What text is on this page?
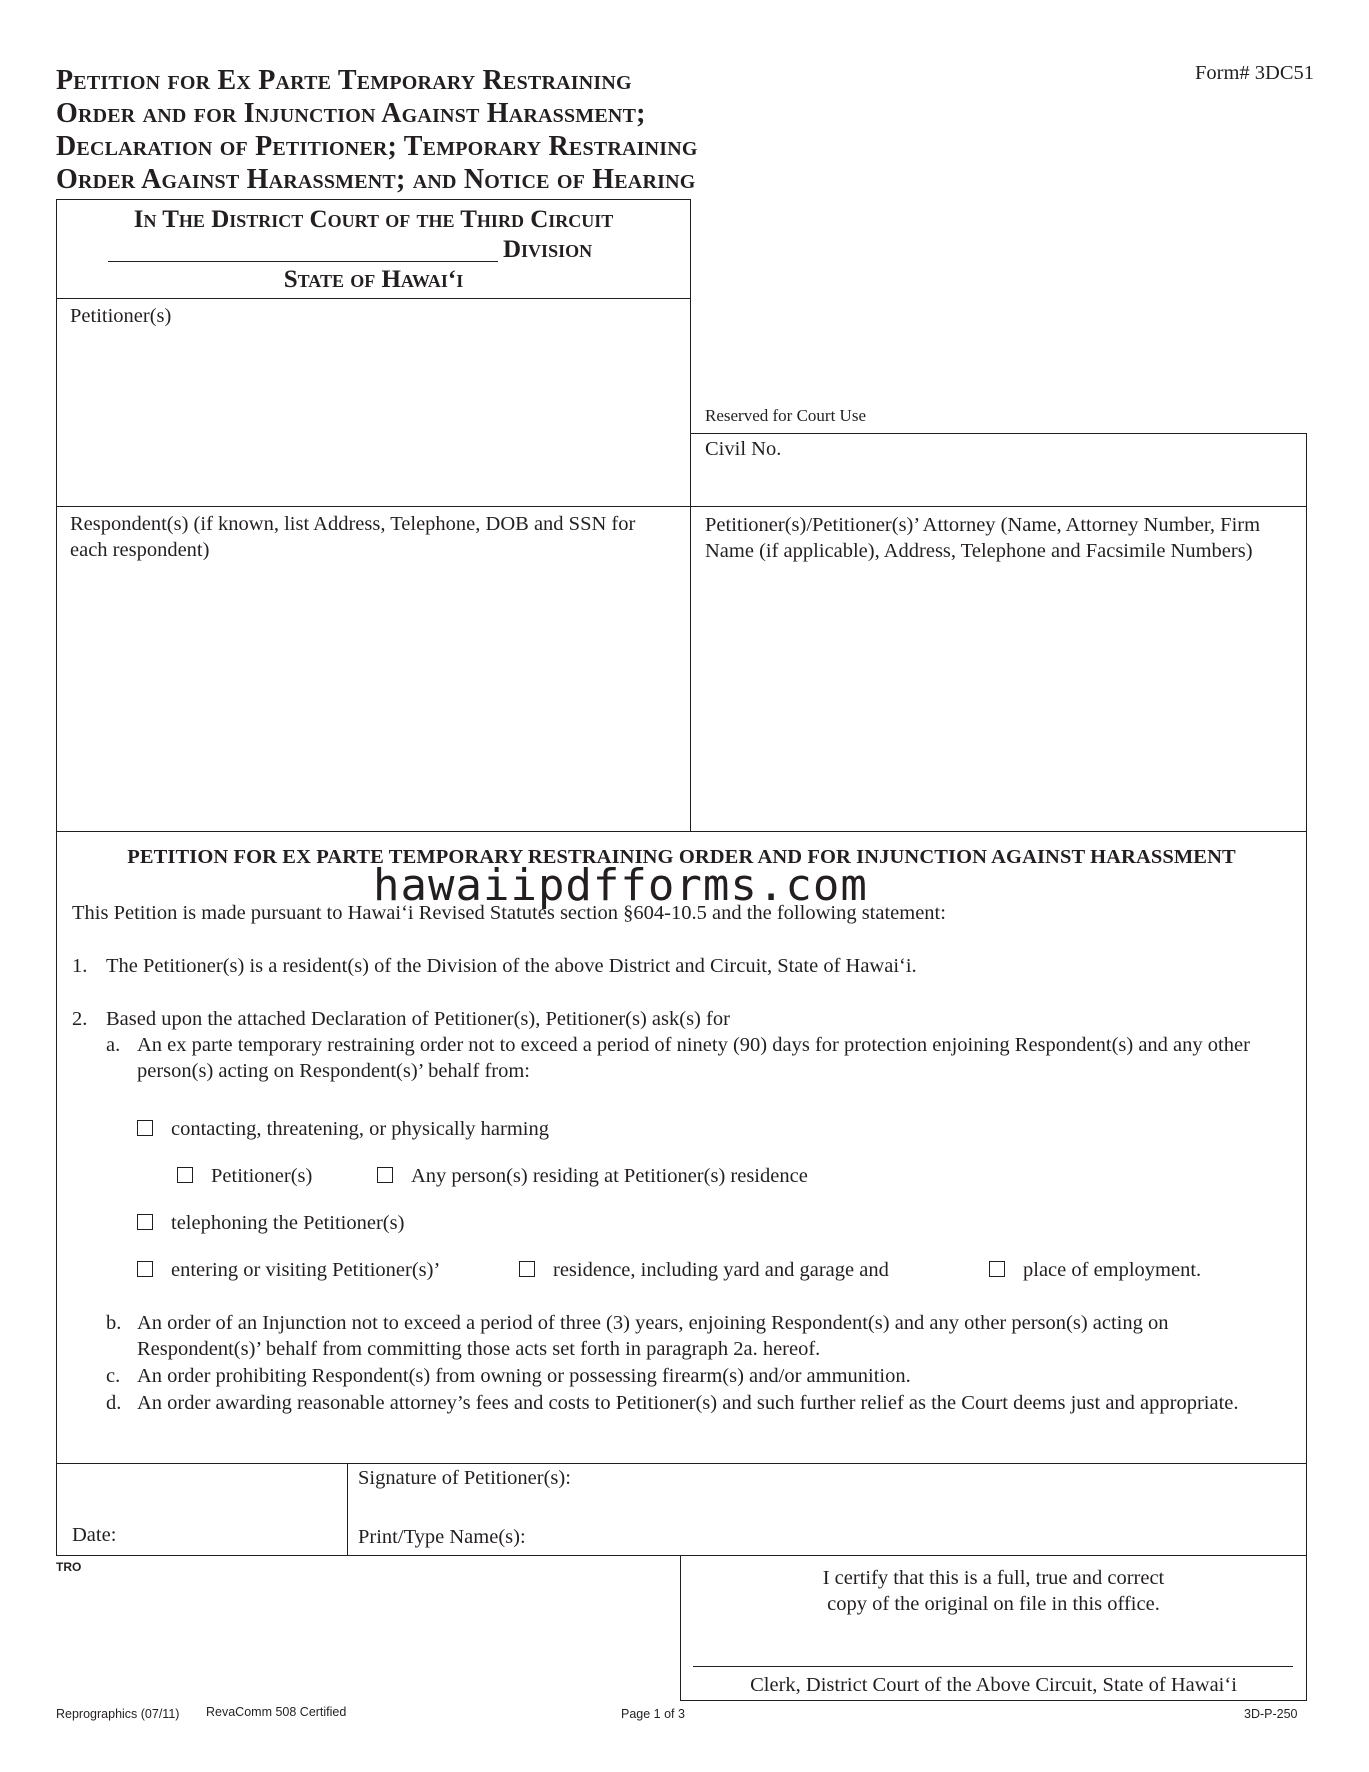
Form# 3DC51
Petition for Ex Parte Temporary Restraining
Order and for Injunction Against Harassment;
Declaration of Petitioner; Temporary Restraining
Order Against Harassment; and Notice of Hearing
In The District Court of the Third Circuit
Division
State of Hawai‘i
Petitioner(s)
Reserved for Court Use
Civil No.
Respondent(s) (if known, list Address, Telephone, DOB and SSN for each respondent)
Petitioner(s)/Petitioner(s)’ Attorney (Name, Attorney Number, Firm Name (if applicable), Address, Telephone and Facsimile Numbers)
PETITION FOR EX PARTE TEMPORARY RESTRAINING ORDER AND FOR INJUNCTION AGAINST HARASSMENT
hawaiipdfforms.com
This Petition is made pursuant to Hawai‘i Revised Statutes section §604-10.5 and the following statement:
1. The Petitioner(s) is a resident(s) of the Division of the above District and Circuit, State of Hawai‘i.
2. Based upon the attached Declaration of Petitioner(s), Petitioner(s) ask(s) for
a. An ex parte temporary restraining order not to exceed a period of ninety (90) days for protection enjoining Respondent(s) and any other person(s) acting on Respondent(s)’ behalf from:
contacting, threatening, or physically harming
Petitioner(s)	Any person(s) residing at Petitioner(s) residence
telephoning the Petitioner(s)
entering or visiting Petitioner(s)’	residence, including yard and garage and	place of employment.
b. An order of an Injunction not to exceed a period of three (3) years, enjoining Respondent(s) and any other person(s) acting on Respondent(s)’ behalf from committing those acts set forth in paragraph 2a. hereof.
c. An order prohibiting Respondent(s) from owning or possessing firearm(s) and/or ammunition.
d. An order awarding reasonable attorney’s fees and costs to Petitioner(s) and such further relief as the Court deems just and appropriate.
Date:
Signature of Petitioner(s):
Print/Type Name(s):
TRO	I certify that this is a full, true and correct
copy of the original on file in this office.
Clerk, District Court of the Above Circuit, State of Hawai‘i
Reprographics (07/11) RevaComm 508 Certified	Page 1 of 3	3D-P-250
